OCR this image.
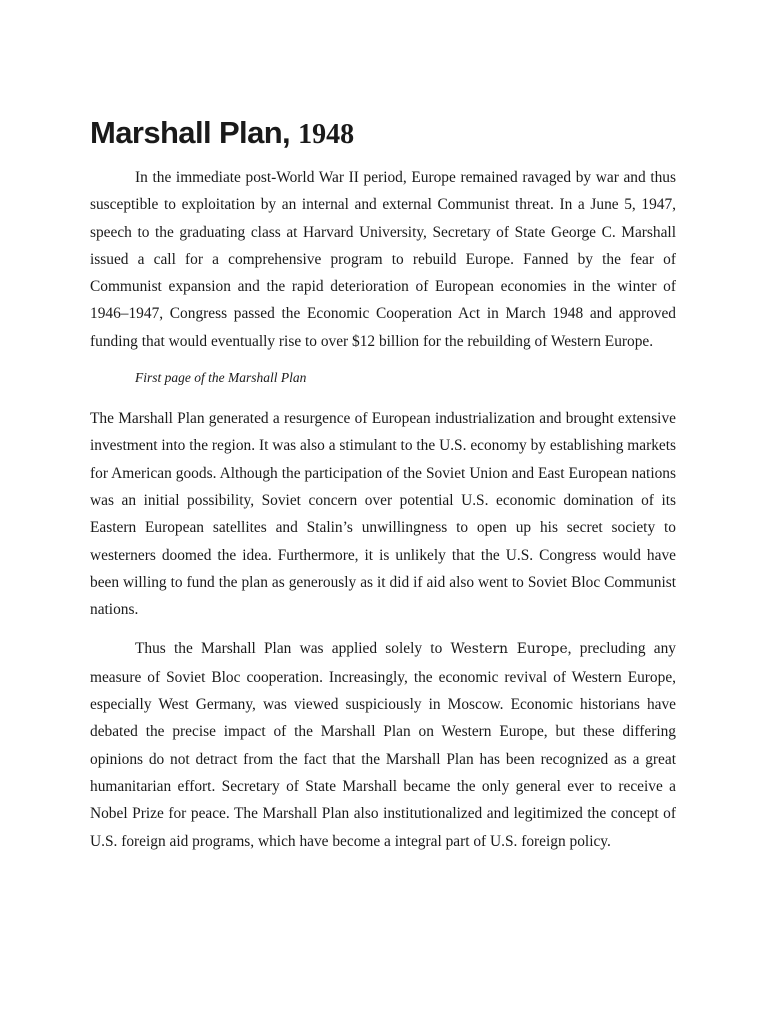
Marshall Plan, 1948

In the immediate post-World War II period, Europe remained ravaged by war and thus susceptible to exploitation by an internal and external Communist threat. In a June 5, 1947, speech to the graduating class at Harvard University, Secretary of State George C. Marshall issued a call for a comprehensive program to rebuild Europe. Fanned by the fear of Communist expansion and the rapid deterioration of European economies in the winter of 1946–1947, Congress passed the Economic Cooperation Act in March 1948 and approved funding that would eventually rise to over $12 billion for the rebuilding of Western Europe.

First page of the Marshall Plan

The Marshall Plan generated a resurgence of European industrialization and brought extensive investment into the region. It was also a stimulant to the U.S. economy by establishing markets for American goods. Although the participation of the Soviet Union and East European nations was an initial possibility, Soviet concern over potential U.S. economic domination of its Eastern European satellites and Stalin’s unwillingness to open up his secret society to westerners doomed the idea. Furthermore, it is unlikely that the U.S. Congress would have been willing to fund the plan as generously as it did if aid also went to Soviet Bloc Communist nations.

Thus the Marshall Plan was applied solely to Western Europe, precluding any measure of Soviet Bloc cooperation. Increasingly, the economic revival of Western Europe, especially West Germany, was viewed suspiciously in Moscow. Economic historians have debated the precise impact of the Marshall Plan on Western Europe, but these differing opinions do not detract from the fact that the Marshall Plan has been recognized as a great humanitarian effort. Secretary of State Marshall became the only general ever to receive a Nobel Prize for peace. The Marshall Plan also institutionalized and legitimized the concept of U.S. foreign aid programs, which have become a integral part of U.S. foreign policy.
